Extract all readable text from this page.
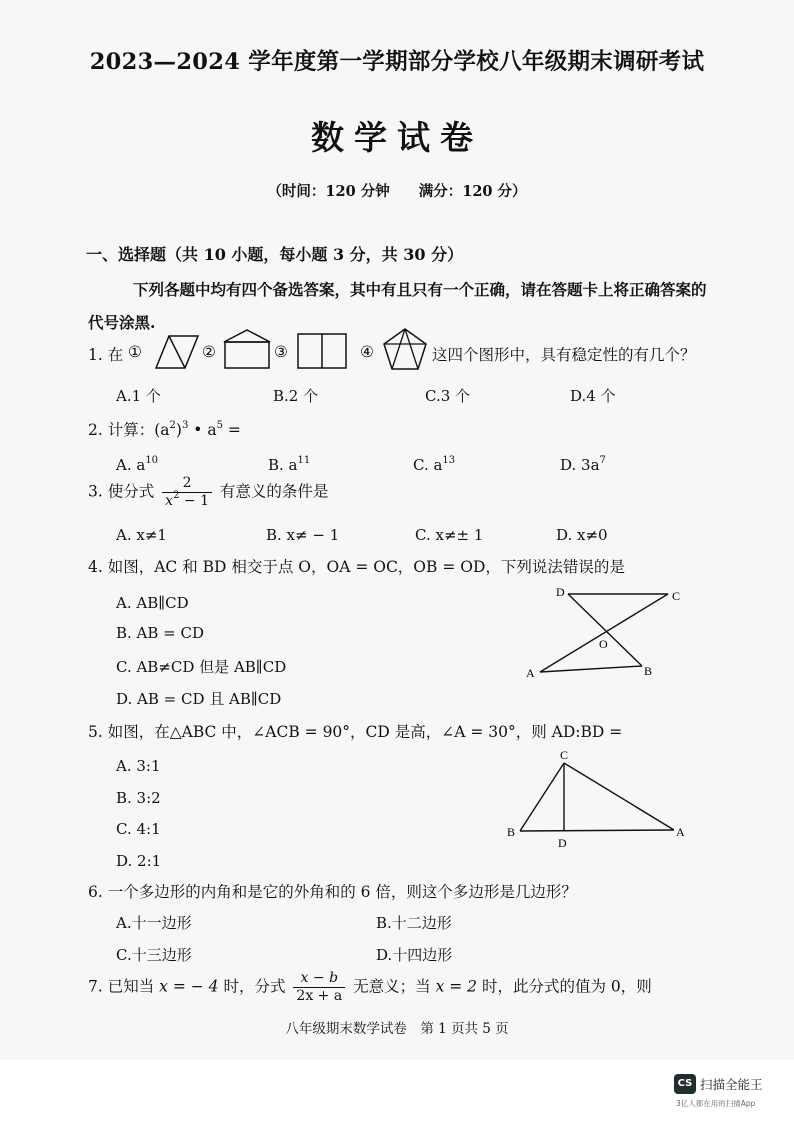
2023—2024 学年度第一学期部分学校八年级期末调研考试
数学试卷
（时间：120 分钟　　满分：120 分）
一、选择题（共 10 小题，每小题 3 分，共 30 分）
下列各题中均有四个备选答案，其中有且只有一个正确，请在答题卡上将正确答案的
代号涂黑.
1. 在 ①	②	③	④	这四个图形中，具有稳定性的有几个？
A.1 个	B.2 个	C.3 个	D.4 个
2. 计算：$(a^2)^3$ • $a^5$ =
A. $a^{10}$	B. $a^{11}$	C. $a^{13}$	D. $3a^7$
3. 使分式 $\frac{2}{x^2 - 1}$ 有意义的条件是
A. x≠1	B. x≠ − 1	C. x≠± 1	D. x≠0
4. 如图，AC 和 BD 相交于点 O，OA = OC，OB = OD，下列说法错误的是
A. AB∥CD
B. AB = CD
C. AB≠CD 但是 AB∥CD
D. AB = CD 且 AB∥CD
D	C
O
A	B
5. 如图，在△ABC 中，∠ACB = 90°，CD 是高，∠A = 30°，则 AD:BD =
A. 3:1
B. 3:2
C. 4:1
D. 2:1
C
B
D
A
6. 一个多边形的内角和是它的外角和的 6 倍，则这个多边形是几边形？
A.十一边形	B.十二边形
C.十三边形	D.十四边形
7. 已知当 x = − 4 时，分式 $\frac{x - b}{2x + a}$ 无意义；当 x = 2 时，此分式的值为 0，则
八年级期末数学试卷　第 1 页共 5 页
CS 扫描全能王
3亿人都在用的扫描App
